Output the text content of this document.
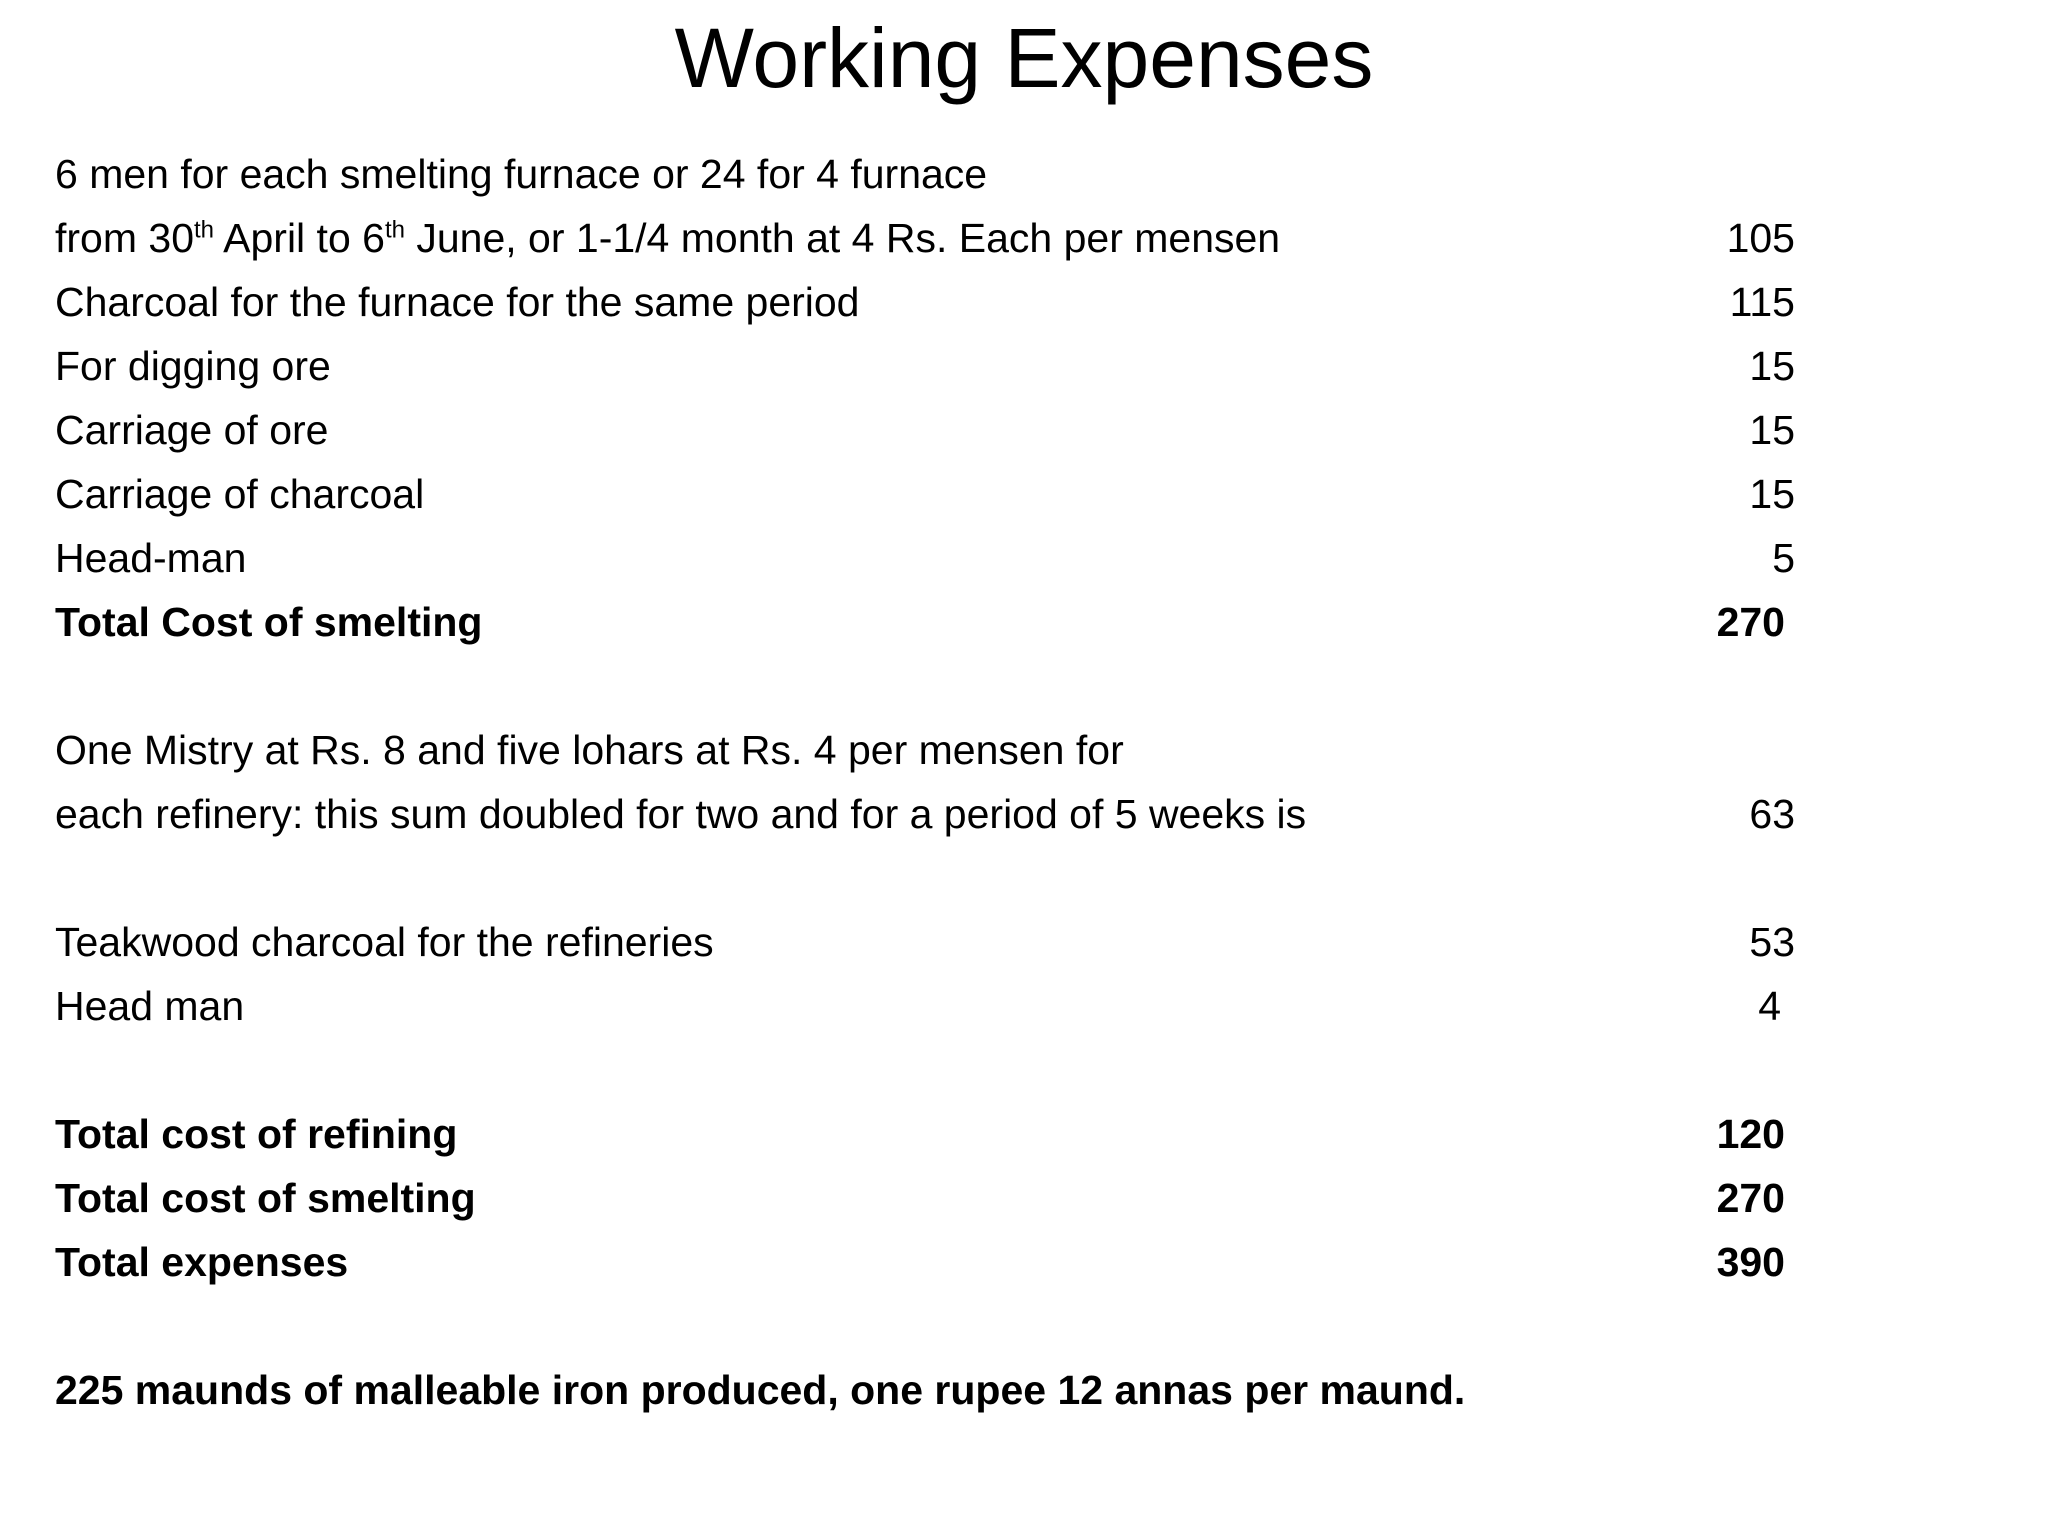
Working Expenses
6 men for each smelting furnace or 24 for 4 furnace
from 30th April to 6th June, or 1-1/4 month at 4 Rs. Each per mensen	105
Charcoal for the furnace for the same period	115
For digging ore	15
Carriage of ore	15
Carriage of charcoal	15
Head-man	5
Total Cost of smelting	270
One Mistry at Rs. 8 and five lohars at Rs. 4 per mensen for
each refinery: this sum doubled for two and for a period of 5 weeks is	63
Teakwood charcoal for the refineries	53
Head man	4
Total cost of refining	120
Total cost of smelting	270
Total expenses	390
225 maunds of malleable iron produced, one rupee 12 annas per maund.
